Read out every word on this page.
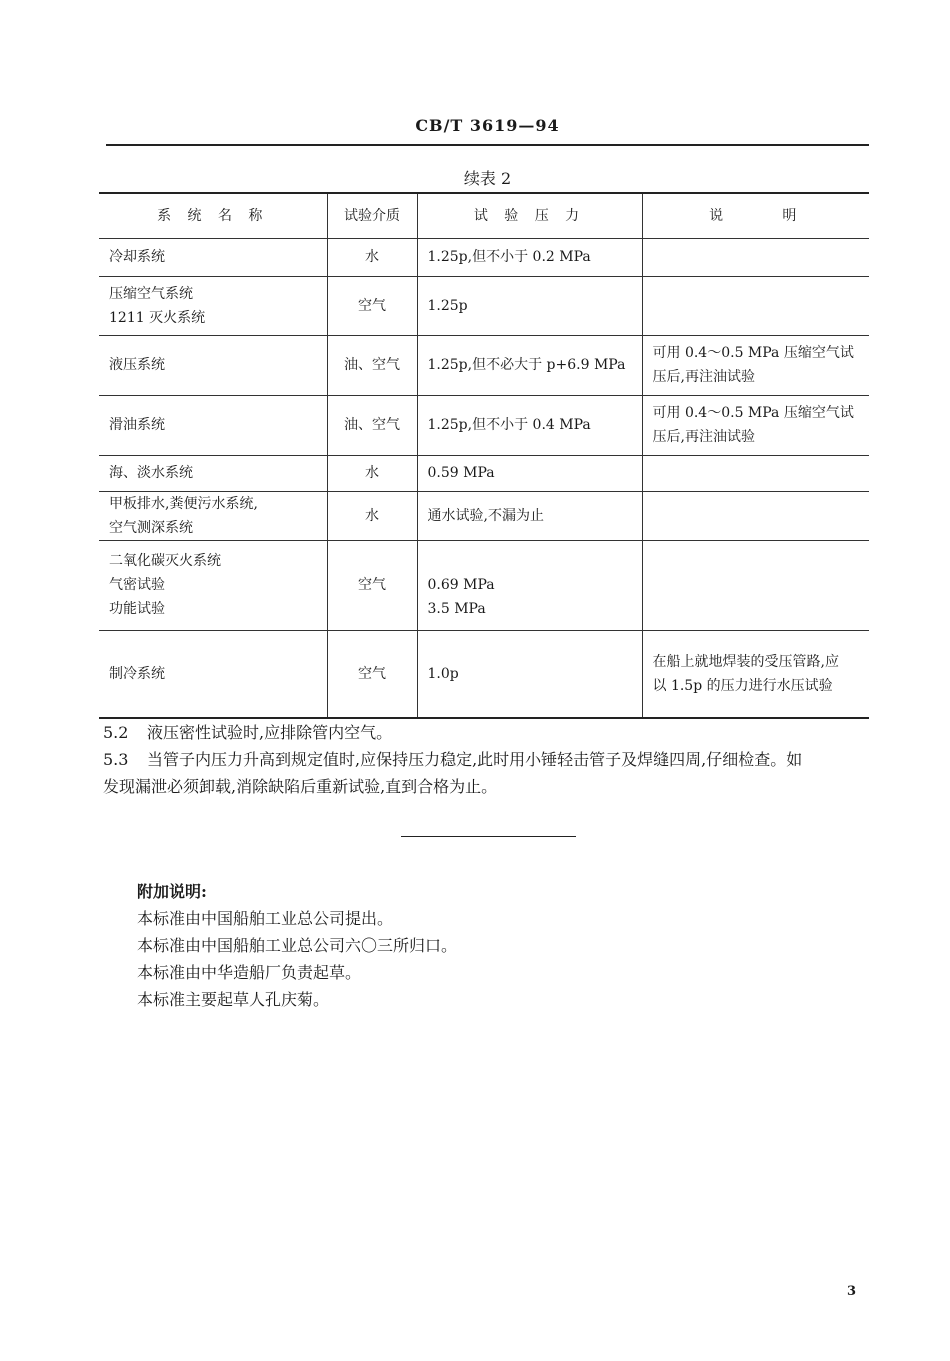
CB/T 3619—94
续表 2
系 统 名 称	试验介质	试 验 压 力	说 明

冷却系统	水	1.25p,但不小于 0.2 MPa	

压缩空气系统
1211 灭火系统	空气	1.25p	

液压系统	油、空气	1.25p,但不必大于 p+6.9 MPa	可用 0.4～0.5 MPa 压缩空气试
压后,再注油试验

滑油系统	油、空气	1.25p,但不小于 0.4 MPa	可用 0.4～0.5 MPa 压缩空气试
压后,再注油试验

海、淡水系统	水	0.59 MPa	

甲板排水,粪便污水系统,
空气测深系统	水	通水试验,不漏为止	

二氧化碳灭火系统
气密试验
功能试验	空气	0.69 MPa
3.5 MPa	

制冷系统	空气	1.0p	在船上就地焊装的受压管路,应
以 1.5p 的压力进行水压试验
5.2 液压密性试验时,应排除管内空气。
5.3 当管子内压力升高到规定值时,应保持压力稳定,此时用小锤轻击管子及焊缝四周,仔细检查。如
发现漏泄必须卸载,消除缺陷后重新试验,直到合格为止。
附加说明:
本标准由中国船舶工业总公司提出。
本标准由中国船舶工业总公司六〇三所归口。
本标准由中华造船厂负责起草。
本标准主要起草人孔庆菊。
3
